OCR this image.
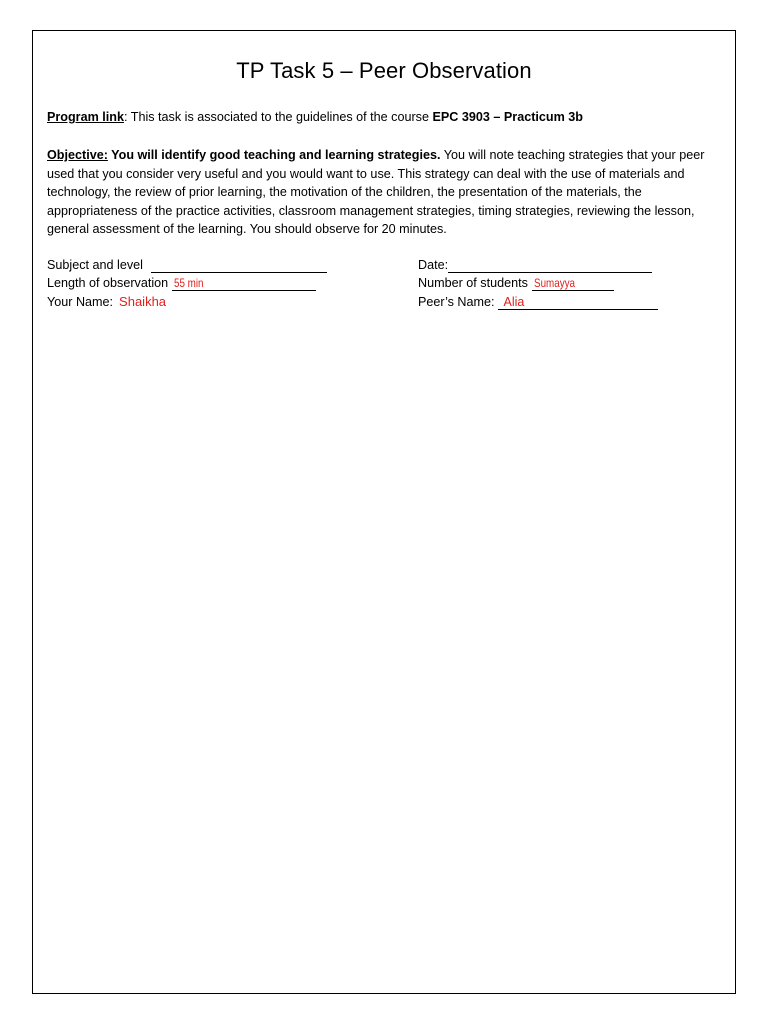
TP Task 5 – Peer Observation

Program link: This task is associated to the guidelines of the course EPC 3903 – Practicum 3b

Objective: You will identify good teaching and learning strategies. You will note teaching strategies that your peer used that you consider very useful and you would want to use. This strategy can deal with the use of materials and technology, the review of prior learning, the motivation of the children, the presentation of the materials, the appropriateness of the practice activities, classroom management strategies, timing strategies, reviewing the lesson, general assessment of the learning. You should observe for 20 minutes.

Subject and level
Length of observation 55 min
Your Name: Shaikha
Date:
Number of students Sumayya
Peer’s Name: Alia
